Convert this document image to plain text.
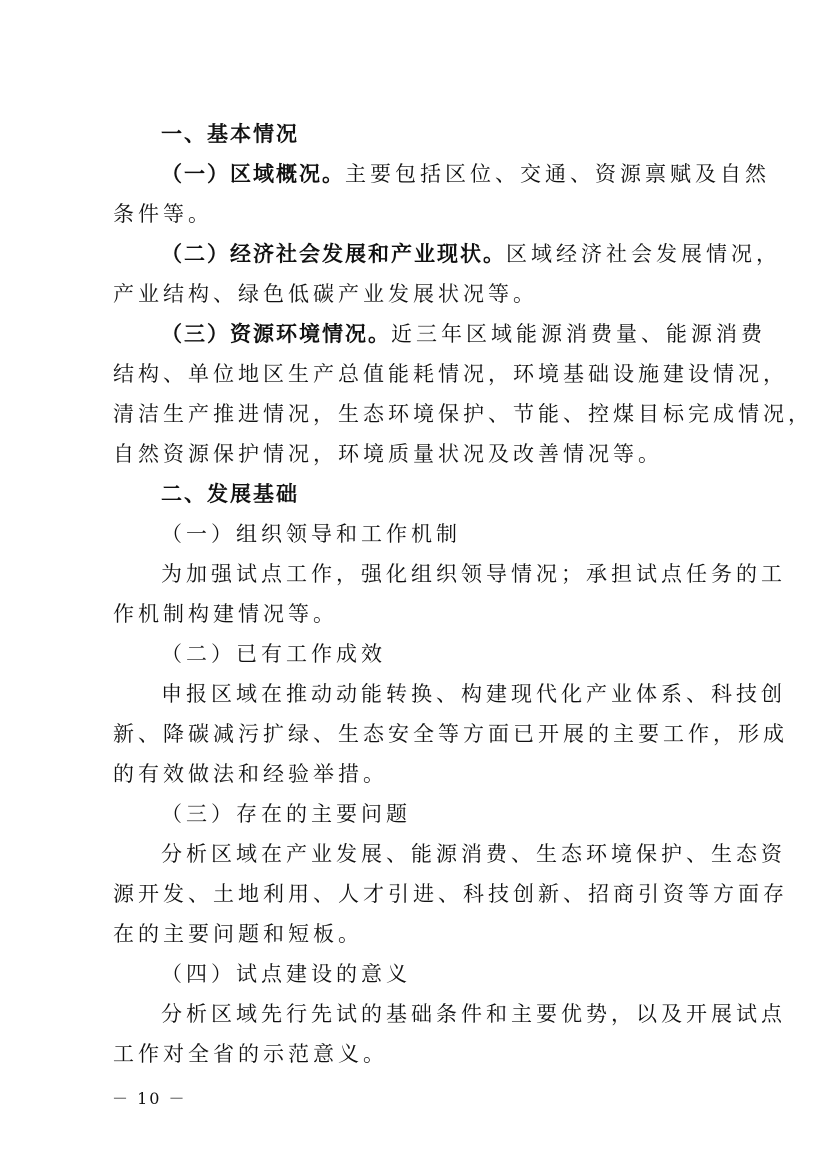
一、基本情况
（一）区域概况。主要包括区位、交通、资源禀赋及自然
条件等。
（二）经济社会发展和产业现状。区域经济社会发展情况，
产业结构、绿色低碳产业发展状况等。
（三）资源环境情况。近三年区域能源消费量、能源消费
结构、单位地区生产总值能耗情况，环境基础设施建设情况，
清洁生产推进情况，生态环境保护、节能、控煤目标完成情况，
自然资源保护情况，环境质量状况及改善情况等。
二、发展基础
（一）组织领导和工作机制
为加强试点工作，强化组织领导情况；承担试点任务的工
作机制构建情况等。
（二）已有工作成效
申报区域在推动动能转换、构建现代化产业体系、科技创
新、降碳减污扩绿、生态安全等方面已开展的主要工作，形成
的有效做法和经验举措。
（三）存在的主要问题
分析区域在产业发展、能源消费、生态环境保护、生态资
源开发、土地利用、人才引进、科技创新、招商引资等方面存
在的主要问题和短板。
（四）试点建设的意义
分析区域先行先试的基础条件和主要优势，以及开展试点
工作对全省的示范意义。
－ 10 －
